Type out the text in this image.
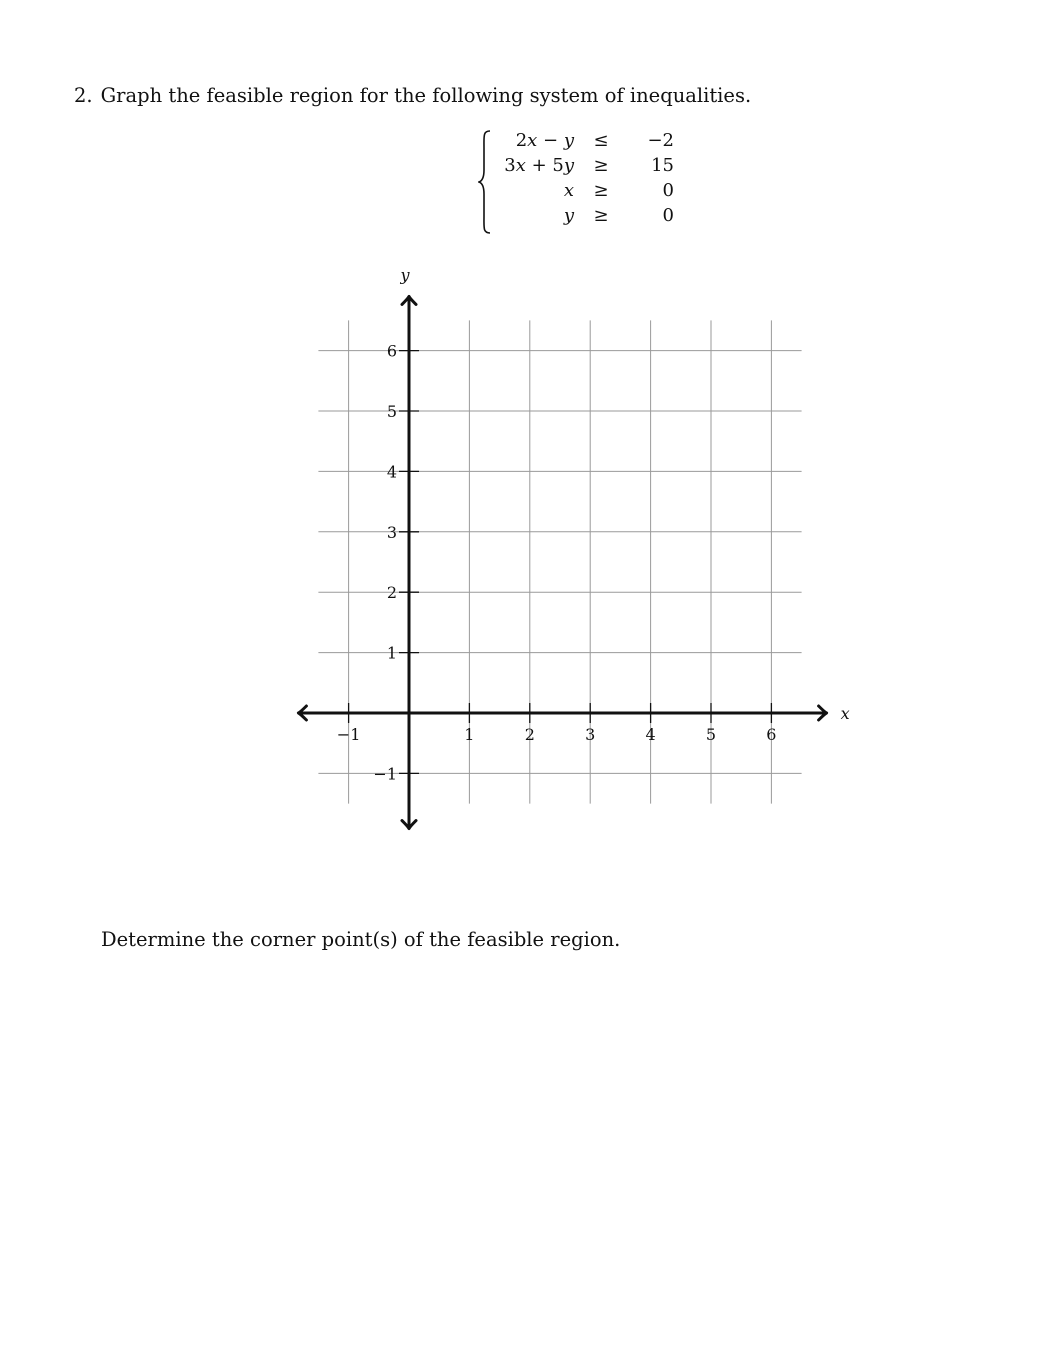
2. Graph the feasible region for the following system of inequalities.
2x − y ≤	−2
3x + 5y ≥	15
x ≥	0
y ≥	0
x
y
−1	1	2	3	4	5	6
−1
1
2
3
4
5
6
Determine the corner point(s) of the feasible region.
